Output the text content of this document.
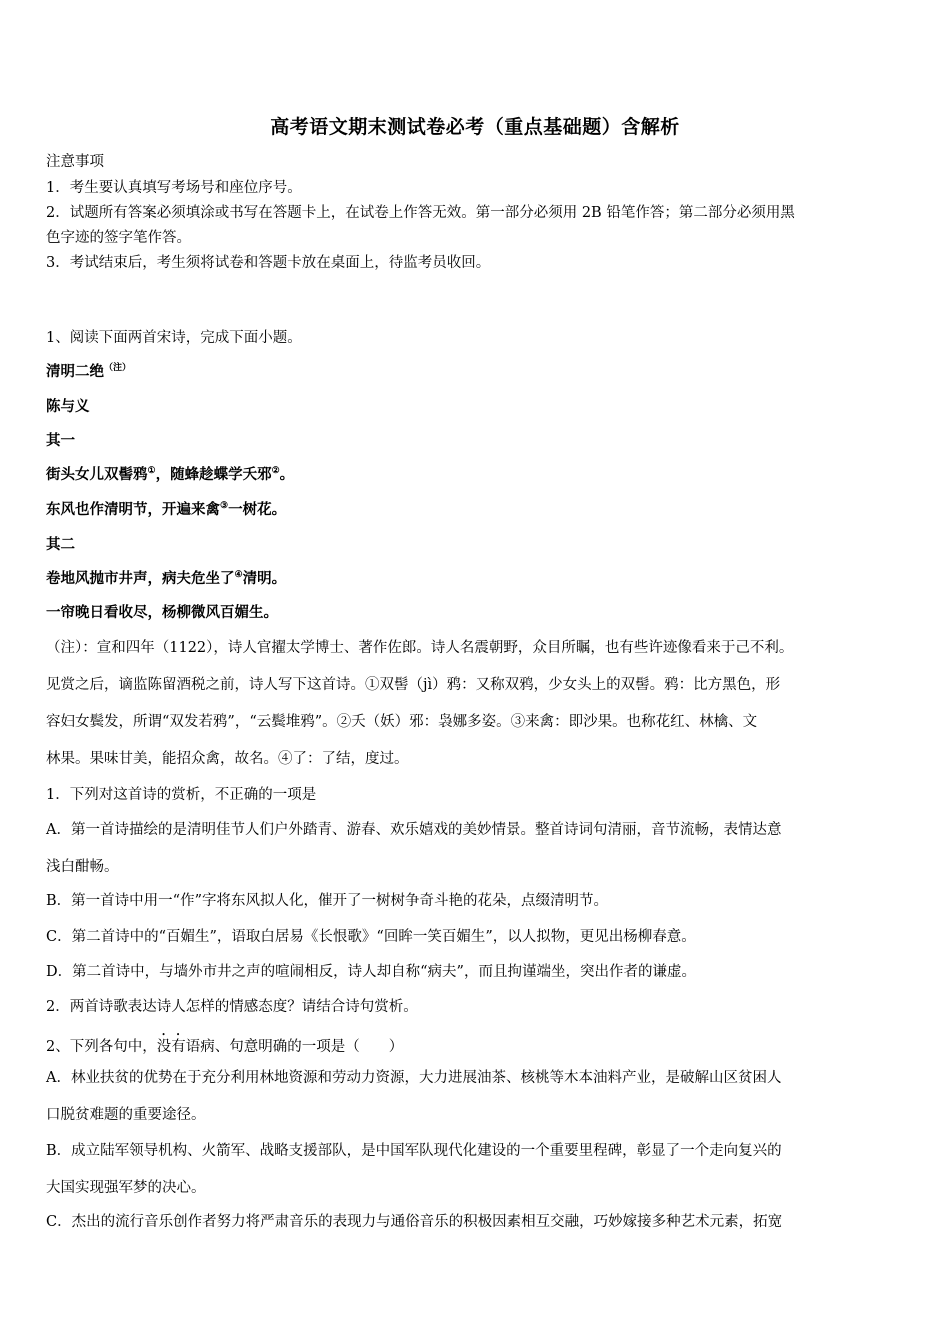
高考语文期末测试卷必考（重点基础题）含解析
注意事项
1．考生要认真填写考场号和座位序号。
2．试题所有答案必须填涂或书写在答题卡上，在试卷上作答无效。第一部分必须用 2B 铅笔作答；第二部分必须用黑
色字迹的签字笔作答。
3．考试结束后，考生须将试卷和答题卡放在桌面上，待监考员收回。
1、阅读下面两首宋诗，完成下面小题。
清明二绝$^{(注)}$
陈与义
其一
街头女儿双髻鸦①，随蜂趁蝶学夭邪②。
东风也作清明节，开遍来禽③一树花。
其二
卷地风抛市井声，病夫危坐了④清明。
一帘晚日看收尽，杨柳微风百媚生。
（注）：宣和四年（1122），诗人官擢太学博士、著作佐郎。诗人名震朝野，众目所瞩，也有些许迹像看来于己不利。
见赏之后，谪监陈留酒税之前，诗人写下这首诗。①双髻（jì）鸦：又称双鸦，少女头上的双髻。鸦：比方黑色，形
容妇女鬓发，所谓“双发若鸦”，“云鬓堆鸦”。②夭（妖）邪：袅娜多姿。③来禽：即沙果。也称花红、林檎、文
林果。果味甘美，能招众禽，故名。④了：了结，度过。
1．下列对这首诗的赏析，不正确的一项是
A．第一首诗描绘的是清明佳节人们户外踏青、游春、欢乐嬉戏的美妙情景。整首诗词句清丽，音节流畅，表情达意
浅白酣畅。
B．第一首诗中用一“作”字将东风拟人化，催开了一树树争奇斗艳的花朵，点缀清明节。
C．第二首诗中的“百媚生”，语取白居易《长恨歌》“回眸一笑百媚生”，以人拟物，更见出杨柳春意。
D．第二首诗中，与墙外市井之声的喧闹相反，诗人却自称“病夫”，而且拘谨端坐，突出作者的谦虚。
2．两首诗歌表达诗人怎样的情感态度？请结合诗句赏析。
2、下列各句中，没有语病、句意明确的一项是（　　）
A．林业扶贫的优势在于充分利用林地资源和劳动力资源，大力进展油茶、核桃等木本油料产业，是破解山区贫困人
口脱贫难题的重要途径。
B．成立陆军领导机构、火箭军、战略支援部队，是中国军队现代化建设的一个重要里程碑，彰显了一个走向复兴的
大国实现强军梦的决心。
C．杰出的流行音乐创作者努力将严肃音乐的表现力与通俗音乐的积极因素相互交融，巧妙嫁接多种艺术元素，拓宽
